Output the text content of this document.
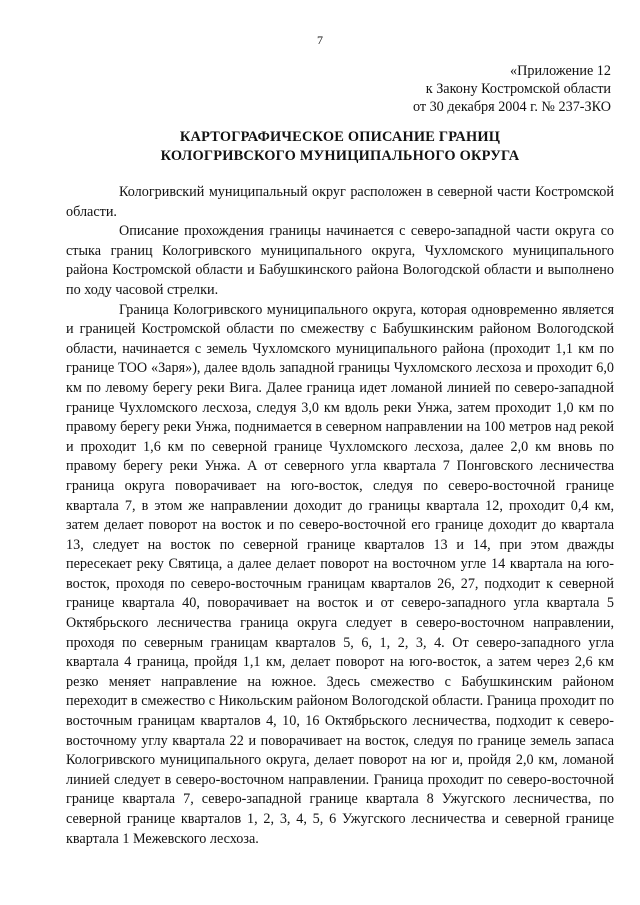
7
«Приложение 12
к Закону Костромской области
от 30 декабря 2004 г. № 237-ЗКО
КАРТОГРАФИЧЕСКОЕ ОПИСАНИЕ ГРАНИЦ
КОЛОГРИВСКОГО МУНИЦИПАЛЬНОГО ОКРУГА

Кологривский муниципальный округ расположен в северной части Костромской области.

Описание прохождения границы начинается с северо-западной части округа со стыка границ Кологривского муниципального округа, Чухломского муниципального района Костромской области и Бабушкинского района Вологодской области и выполнено по ходу часовой стрелки.

Граница Кологривского муниципального округа, которая одновременно является и границей Костромской области по смежеству с Бабушкинским районом Вологодской области, начинается с земель Чухломского муниципального района (проходит 1,1 км по границе ТОО «Заря»), далее вдоль западной границы Чухломского лесхоза и проходит 6,0 км по левому берегу реки Вига. Далее граница идет ломаной линией по северо-западной границе Чухломского лесхоза, следуя 3,0 км вдоль реки Унжа, затем проходит 1,0 км по правому берегу реки Унжа, поднимается в северном направлении на 100 метров над рекой и проходит 1,6 км по северной границе Чухломского лесхоза, далее 2,0 км вновь по правому берегу реки Унжа. А от северного угла квартала 7 Понговского лесничества граница округа поворачивает на юго-восток, следуя по северо-восточной границе квартала 7, в этом же направлении доходит до границы квартала 12, проходит 0,4 км, затем делает поворот на восток и по северо-восточной его границе доходит до квартала 13, следует на восток по северной границе кварталов 13 и 14, при этом дважды пересекает реку Святица, а далее делает поворот на восточном угле 14 квартала на юго-восток, проходя по северо-восточным границам кварталов 26, 27, подходит к северной границе квартала 40, поворачивает на восток и от северо-западного угла квартала 5 Октябрьского лесничества граница округа следует в северо-восточном направлении, проходя по северным границам кварталов 5, 6, 1, 2, 3, 4. От северо-западного угла квартала 4 граница, пройдя 1,1 км, делает поворот на юго-восток, а затем через 2,6 км резко меняет направление на южное. Здесь смежество с Бабушкинским районом переходит в смежество с Никольским районом Вологодской области. Граница проходит по восточным границам кварталов 4, 10, 16 Октябрьского лесничества, подходит к северо-восточному углу квартала 22 и поворачивает на восток, следуя по границе земель запаса Кологривского муниципального округа, делает поворот на юг и, пройдя 2,0 км, ломаной линией следует в северо-восточном направлении. Граница проходит по северо-восточной границе квартала 7, северо-западной границе квартала 8 Ужугского лесничества, по северной границе кварталов 1, 2, 3, 4, 5, 6 Ужугского лесничества и северной границе квартала 1 Межевского лесхоза.
